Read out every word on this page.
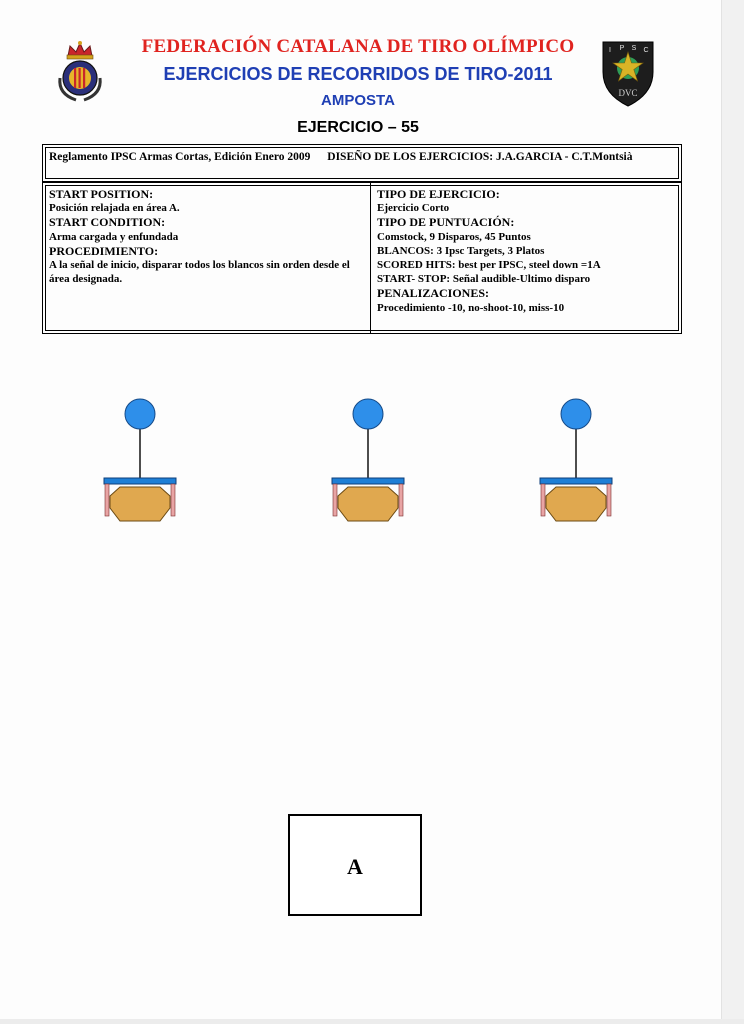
I P S C
DVC
FEDERACIÓN CATALANA DE TIRO OLÍMPICO
EJERCICIOS DE RECORRIDOS DE TIRO-2011
AMPOSTA
EJERCICIO – 55
Reglamento IPSC Armas Cortas, Edición Enero 2009 DISEÑO DE LOS EJERCICIOS: J.A.GARCIA - C.T.Montsià
START POSITION:
Posición relajada en área A.
START CONDITION:
Arma cargada y enfundada
PROCEDIMIENTO:
A la señal de inicio, disparar todos los blancos sin orden desde el área designada.
TIPO DE EJERCICIO:
Ejercicio Corto
TIPO DE PUNTUACIÓN:
Comstock, 9 Disparos, 45 Puntos
BLANCOS: 3 Ipsc Targets, 3 Platos
SCORED HITS: best per IPSC, steel down =1A
START- STOP: Señal audible-Ultimo disparo
PENALIZACIONES:
Procedimiento -10, no-shoot-10, miss-10
A
